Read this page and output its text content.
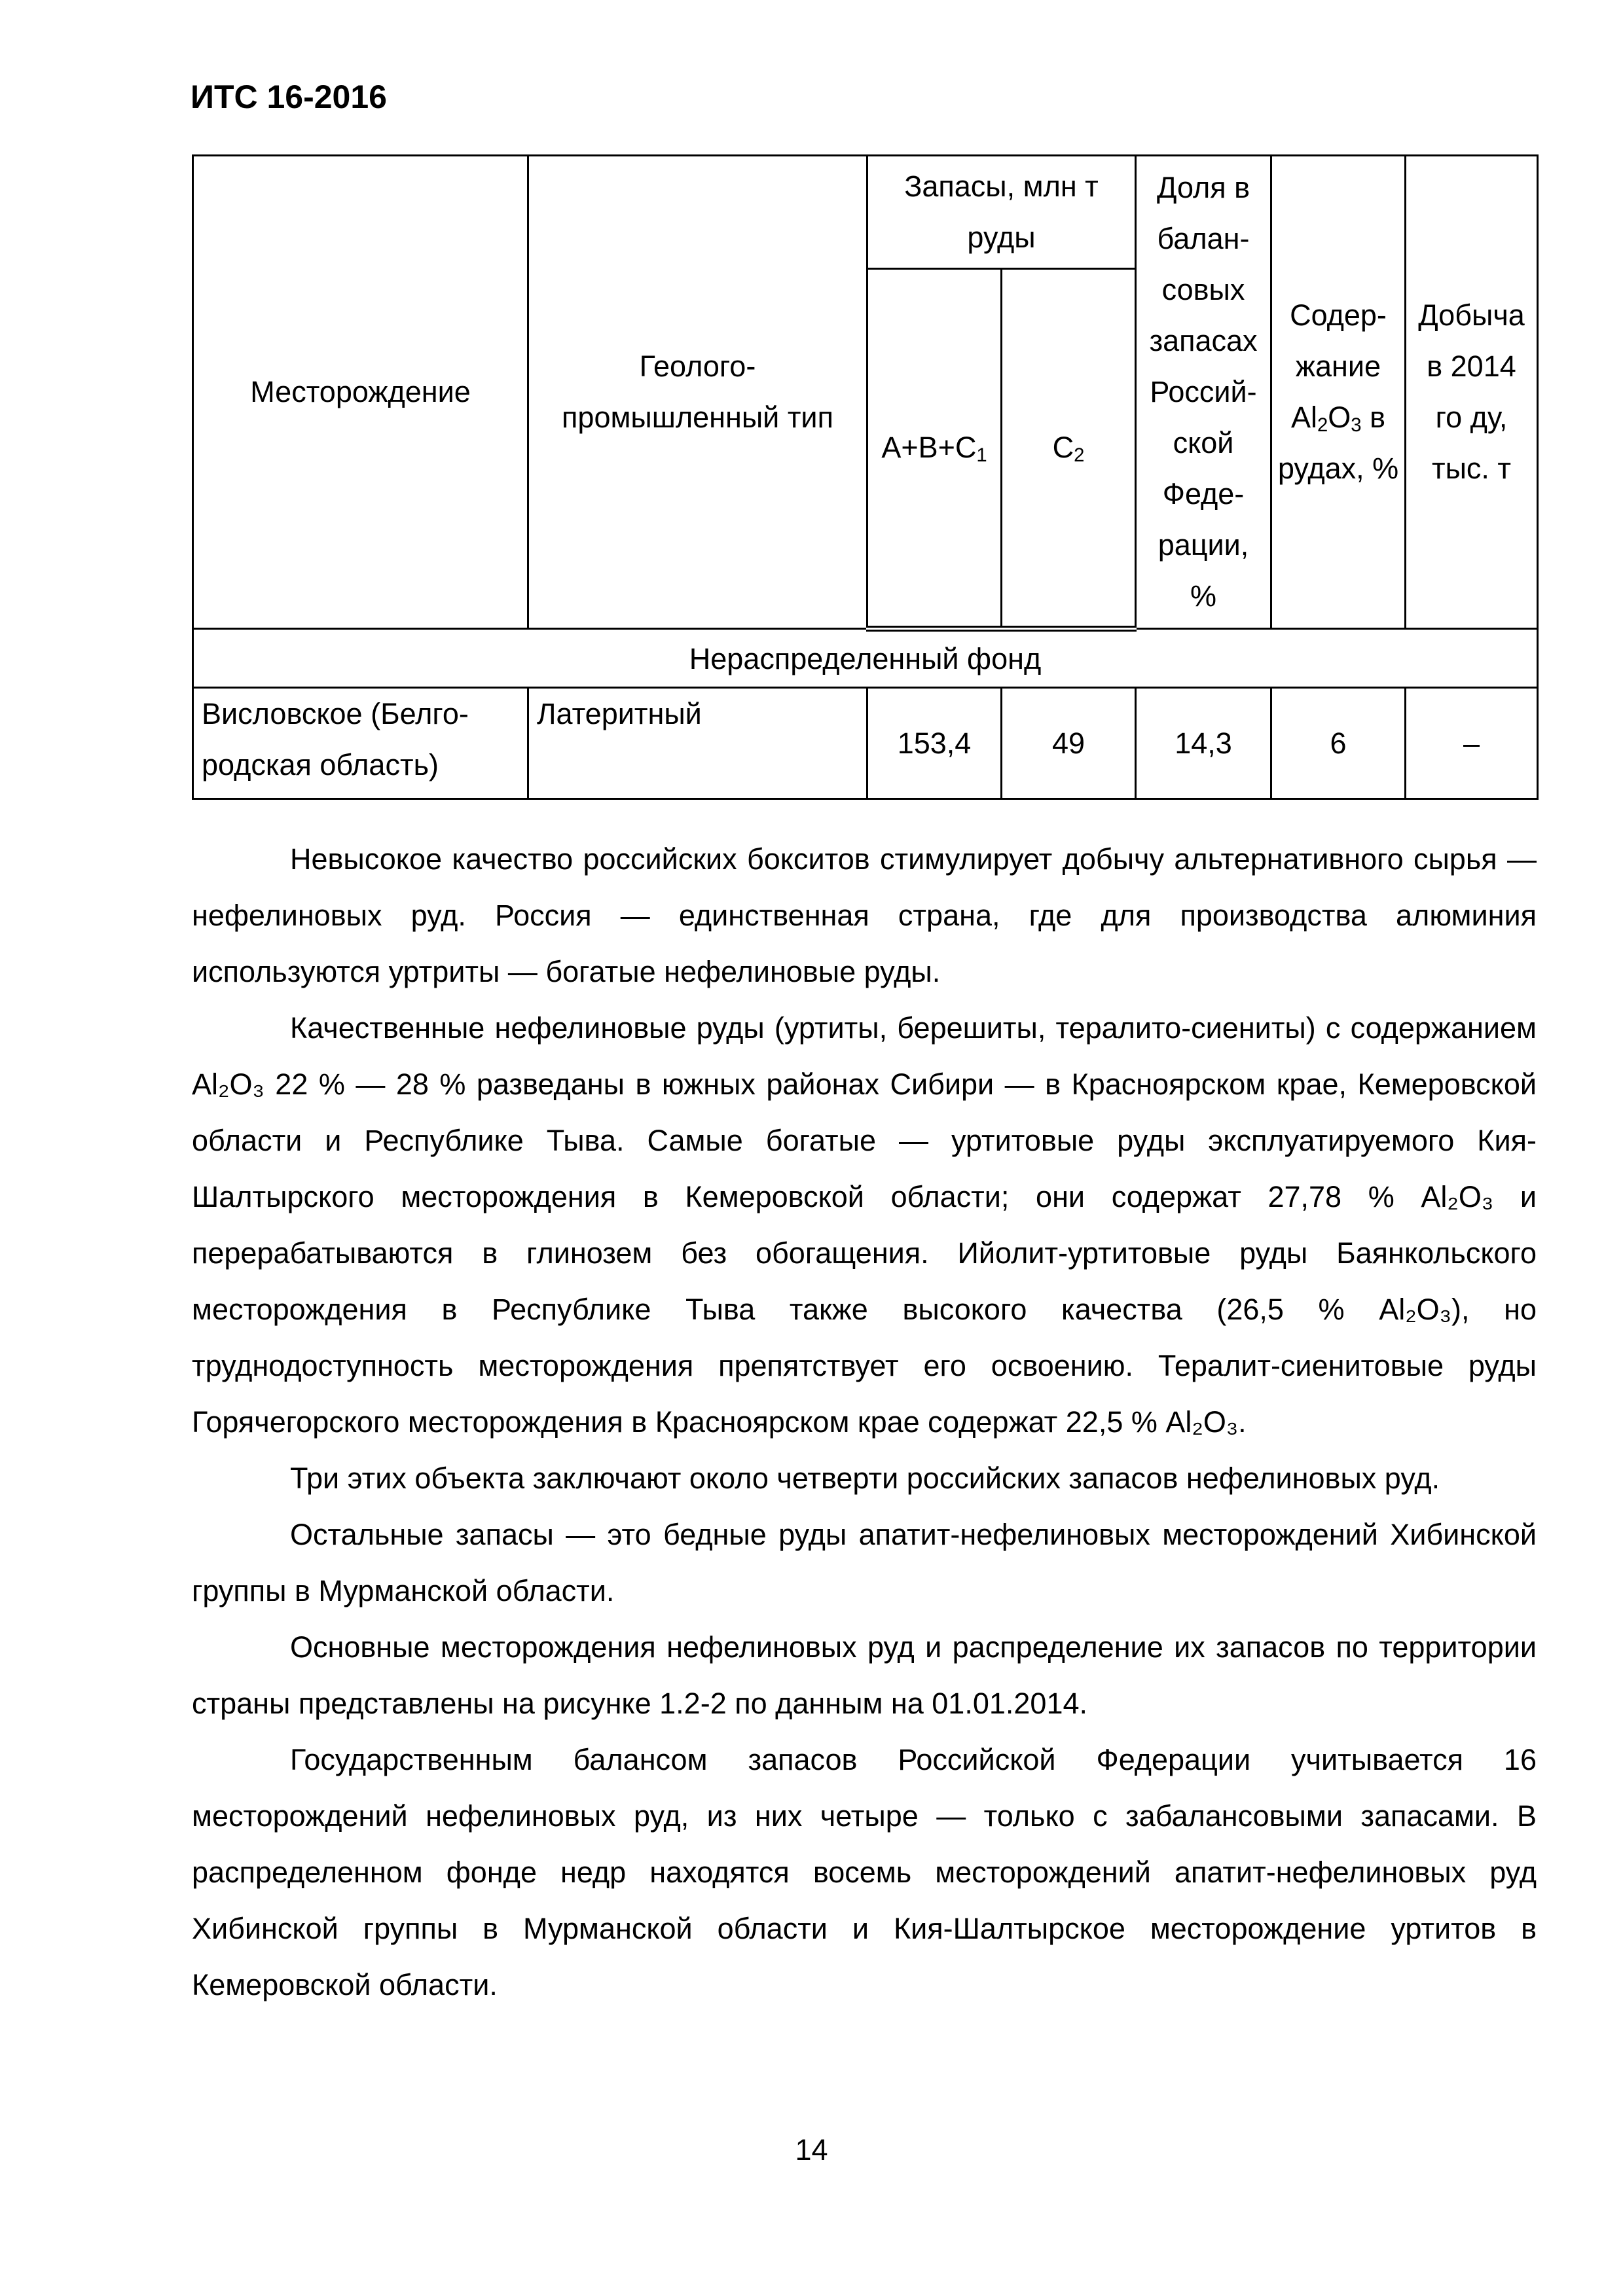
ИТС 16-2016
Месторождение	Геолого-промышленный тип	Запасы, млн т руды		Доля в балан-совых запасах Россий-ской Феде-рации, %	Содер-жание $Al_2O_3$ в рудах, %	Добыча в 2014 го ду, тыс. т
		$А+В+С_1$	$С_2$
Нераспределенный фонд						
Висловское (Белго-родская область)	Латеритный	153,4	49	14,3	6	–

Невысокое качество российских бокситов стимулирует добычу альтернативного сырья — нефелиновых руд. Россия — единственная страна, где для производства алюминия используются уртриты — богатые нефелиновые руды.

Качественные нефелиновые руды (уртиты, берешиты, тералито-сиениты) с содержанием Al₂O₃ 22 % — 28 % разведаны в южных районах Сибири — в Красноярском крае, Кемеровской области и Республике Тыва. Самые богатые — уртитовые руды эксплуатируемого Кия-Шалтырского месторождения в Кемеровской области; они содержат 27,78 % Al₂O₃ и перерабатываются в глинозем без обогащения. Ийолит-уртитовые руды Баянкольского месторождения в Республике Тыва также высокого качества (26,5 % Al₂O₃), но труднодоступность месторождения препятствует его освоению. Тералит-сиенитовые руды Горячегорского месторождения в Красноярском крае содержат 22,5 % Al₂O₃.

Три этих объекта заключают около четверти российских запасов нефелиновых руд.

Остальные запасы — это бедные руды апатит-нефелиновых месторождений Хибинской группы в Мурманской области.

Основные месторождения нефелиновых руд и распределение их запасов по территории страны представлены на рисунке 1.2-2 по данным на 01.01.2014.

Государственным балансом запасов Российской Федерации учитывается 16 месторождений нефелиновых руд, из них четыре — только с забалансовыми запасами. В распределенном фонде недр находятся восемь месторождений апатит-нефелиновых руд Хибинской группы в Мурманской области и Кия-Шалтырское месторождение уртитов в Кемеровской области.

14
